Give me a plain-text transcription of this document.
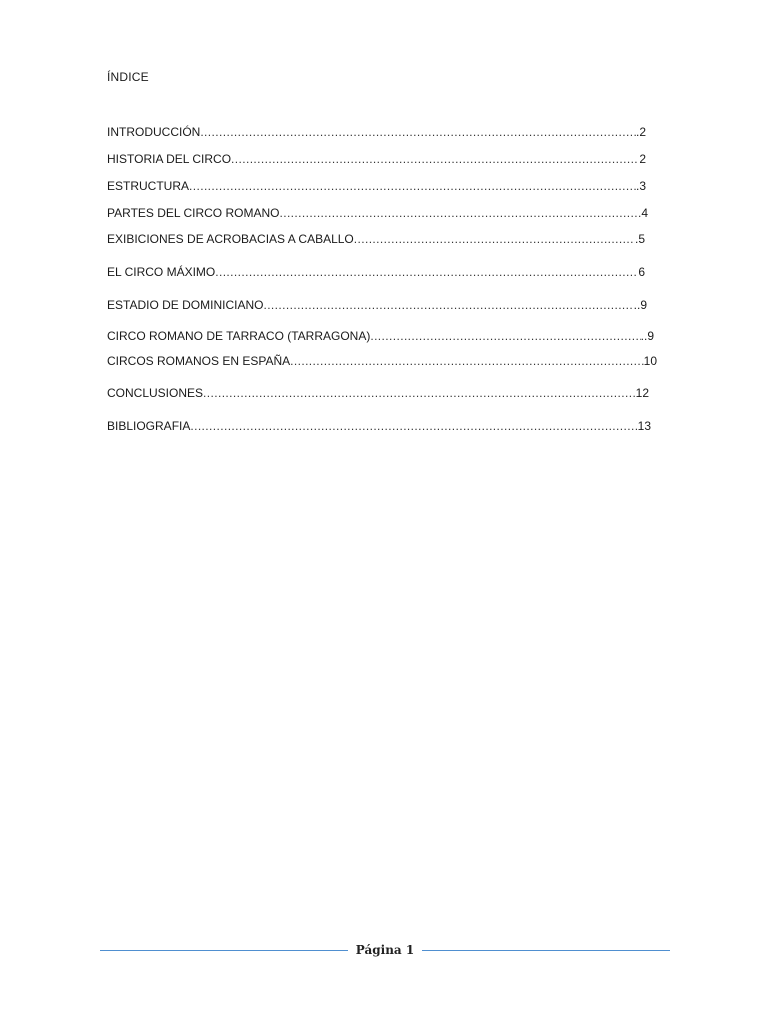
ÍNDICE
INTRODUCCIÓN .....	.2
HISTORIA DEL CIRCO .....	2
ESTRUCTURA .....	.3
PARTES DEL CIRCO ROMANO .....	4
EXIBICIONES DE ACROBACIAS A CABALLO .....	.5
EL CIRCO MÁXIMO .....	6
ESTADIO DE DOMINICIANO .....	..9
CIRCO ROMANO DE TARRACO (TARRAGONA) .....	..9
CIRCOS ROMANOS EN ESPAÑA .....	10
CONCLUSIONES .....	12
BIBLIOGRAFIA .....	13
Página 1
